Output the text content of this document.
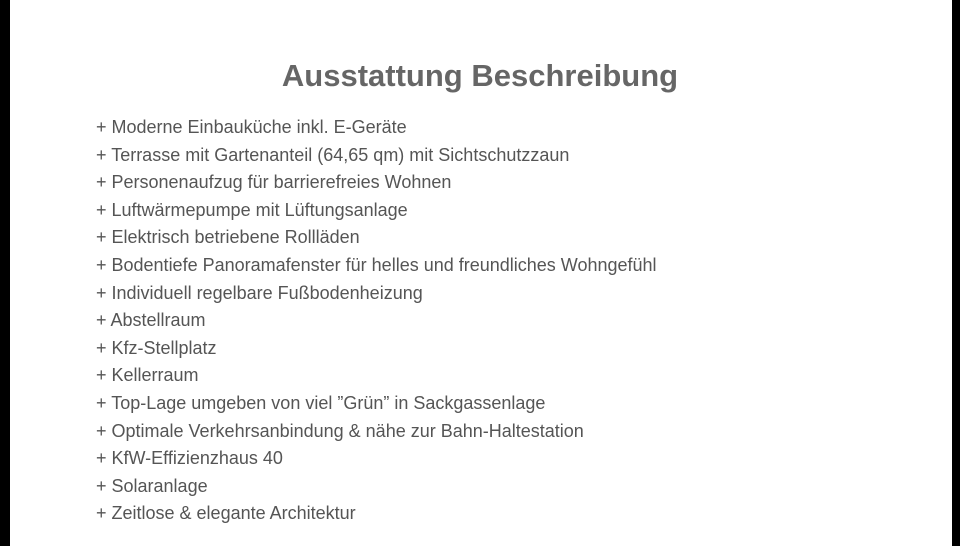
Ausstattung Beschreibung
+ Moderne Einbauküche inkl. E-Geräte
+ Terrasse mit Gartenanteil (64,65 qm) mit Sichtschutzzaun
+ Personenaufzug für barrierefreies Wohnen
+ Luftwärmepumpe mit Lüftungsanlage
+ Elektrisch betriebene Rollläden
+ Bodentiefe Panoramafenster für helles und freundliches Wohngefühl
+ Individuell regelbare Fußbodenheizung
+ Abstellraum
+ Kfz-Stellplatz
+ Kellerraum
+ Top-Lage umgeben von viel ”Grün” in Sackgassenlage
+ Optimale Verkehrsanbindung & nähe zur Bahn-Haltestation
+ KfW-Effizienzhaus 40
+ Solaranlage
+ Zeitlose & elegante Architektur
